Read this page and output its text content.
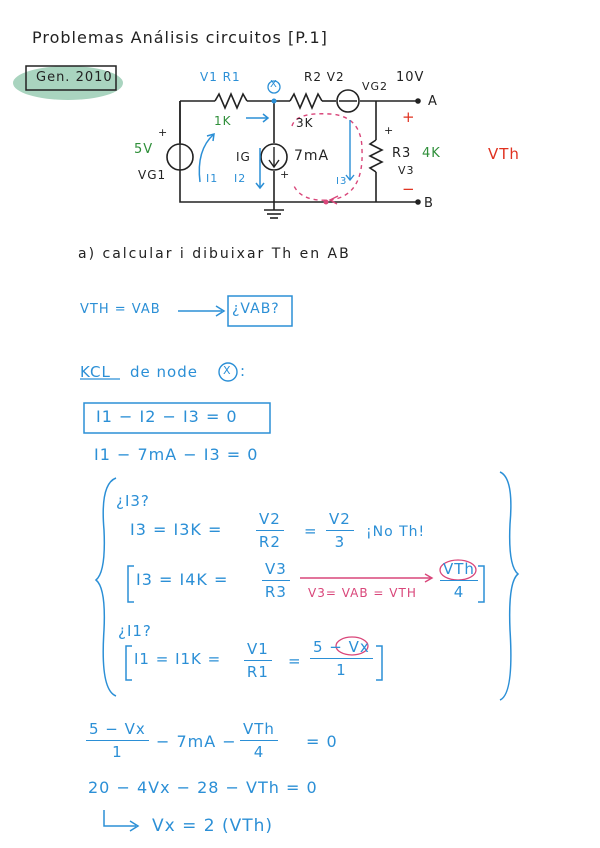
Problemas Análisis circuitos [P.1]
Gen. 2010	V1 R1
X
R2 V2
VG2
10V
A
B
1K	3K
5V
VG1
IG	7mA	R3 4K
V3
VTh
I1 I2	I3
+
−
+
+
+
a) calcular i dibuixar Th en AB
VTH = VAB	¿VAB?
KCL de node X :
I1 − I2 − I3 = 0
I1 − 7mA − I3 = 0
¿I3?
$I3 = I3K = \frac{V2}{R2} = \frac{V2}{3}$ ¡No Th!
$I3 = I4K = \frac{V3}{R3} V3=$ VAB = VTH
VTh
4
¿I1?
$I1 = I1K = \frac{V1}{R1} = \frac{5 - Vx}{1}$
$\frac{5 - Vx}{1} - 7mA$ −
VTh
4
= 0
20 − 4Vx − 28 − VTh = 0
Vx = 2 (VTh)
